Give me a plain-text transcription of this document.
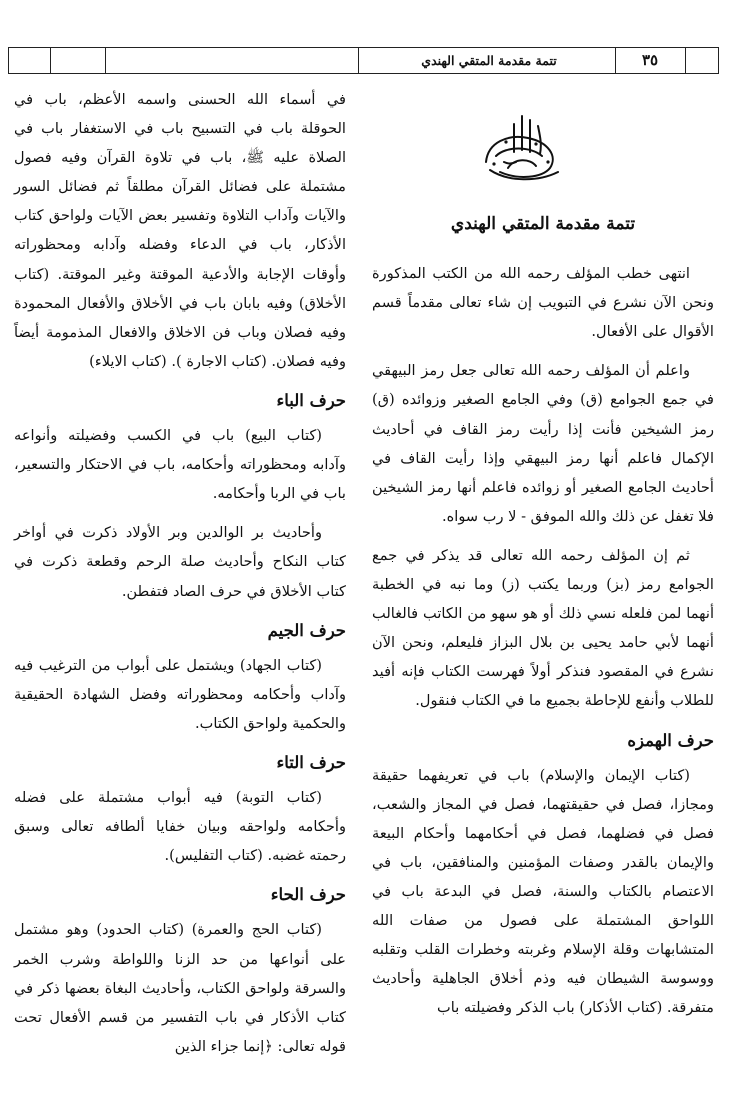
تتمة مقدمة المتقي الهندي	٣٥
تتمة مقدمة المتقي الهندي

انتهى خطب المؤلف رحمه الله من الكتب المذكورة ونحن الآن نشرع في التبويب إن شاء تعالى مقدماً قسم الأقوال على الأفعال.

واعلم أن المؤلف رحمه الله تعالى جعل رمز البيهقي في جمع الجوامع (ق) وفي الجامع الصغير وزوائده (ق) رمز الشيخين فأنت إذا رأيت رمز القاف في أحاديث الإكمال فاعلم أنها رمز البيهقي وإذا رأيت القاف في أحاديث الجامع الصغير أو زوائده فاعلم أنها رمز الشيخين فلا تغفل عن ذلك والله الموفق - لا رب سواه.

ثم إن المؤلف رحمه الله تعالى قد يذكر في جمع الجوامع رمز (بز) وربما يكتب (ز) وما نبه في الخطبة أنهما لمن فلعله نسي ذلك أو هو سهو من الكاتب فالغالب أنهما لأبي حامد يحيى بن بلال البزاز فليعلم، ونحن الآن نشرع في المقصود فنذكر أولاً فهرست الكتاب فإنه أفيد للطلاب وأنفع للإحاطة بجميع ما في الكتاب فنقول.

حرف الهمزه

(كتاب الإيمان والإسلام) باب في تعريفهما حقيقة ومجازا، فصل في حقيقتهما، فصل في المجاز والشعب، فصل في فضلهما، فصل في أحكامهما وأحكام البيعة والإيمان بالقدر وصفات المؤمنين والمنافقين، باب في الاعتصام بالكتاب والسنة، فصل في البدعة باب في اللواحق المشتملة على فصول من صفات الله المتشابهات وقلة الإسلام وغربته وخطرات القلب وتقلبه ووسوسة الشيطان فيه وذم أخلاق الجاهلية وأحاديث متفرقة. (كتاب الأذكار) باب الذكر وفضيلته باب

في أسماء الله الحسنى واسمه الأعظم، باب في الحوقلة باب في التسبيح باب في الاستغفار باب في الصلاة عليه ﷺ، باب في تلاوة القرآن وفيه فصول مشتملة على فضائل القرآن مطلقاً ثم فضائل السور والآيات وآداب التلاوة وتفسير بعض الآيات ولواحق كتاب الأذكار، باب في الدعاء وفضله وآدابه ومحظوراته وأوقات الإجابة والأدعية الموقتة وغير الموقتة. (كتاب الأخلاق) وفيه بابان باب في الأخلاق والأفعال المحمودة وفيه فصلان وباب فن الاخلاق والافعال المذمومة أيضاً وفيه فصلان. (كتاب الاجارة ). (كتاب الايلاء)

حرف الباء

(كتاب البيع) باب في الكسب وفضيلته وأنواعه وآدابه ومحظوراته وأحكامه، باب في الاحتكار والتسعير، باب في الربا وأحكامه.

وأحاديث بر الوالدين وبر الأولاد ذكرت في أواخر كتاب النكاح وأحاديث صلة الرحم وقطعة ذكرت في كتاب الأخلاق في حرف الصاد فتفطن.

حرف الجيم

(كتاب الجهاد) ويشتمل على أبواب من الترغيب فيه وآداب وأحكامه ومحظوراته وفضل الشهادة الحقيقية والحكمية ولواحق الكتاب.

حرف التاء

(كتاب التوبة) فيه أبواب مشتملة على فضله وأحكامه ولواحقه وبيان خفايا ألطافه تعالى وسبق رحمته غضبه. (كتاب التفليس).

حرف الحاء

(كتاب الحج والعمرة) (كتاب الحدود) وهو مشتمل على أنواعها من حد الزنا واللواطة وشرب الخمر والسرقة ولواحق الكتاب، وأحاديث البغاة بعضها ذكر في كتاب الأذكار في باب التفسير من قسم الأفعال تحت قوله تعالى: ﴿إنما جزاء الذين
